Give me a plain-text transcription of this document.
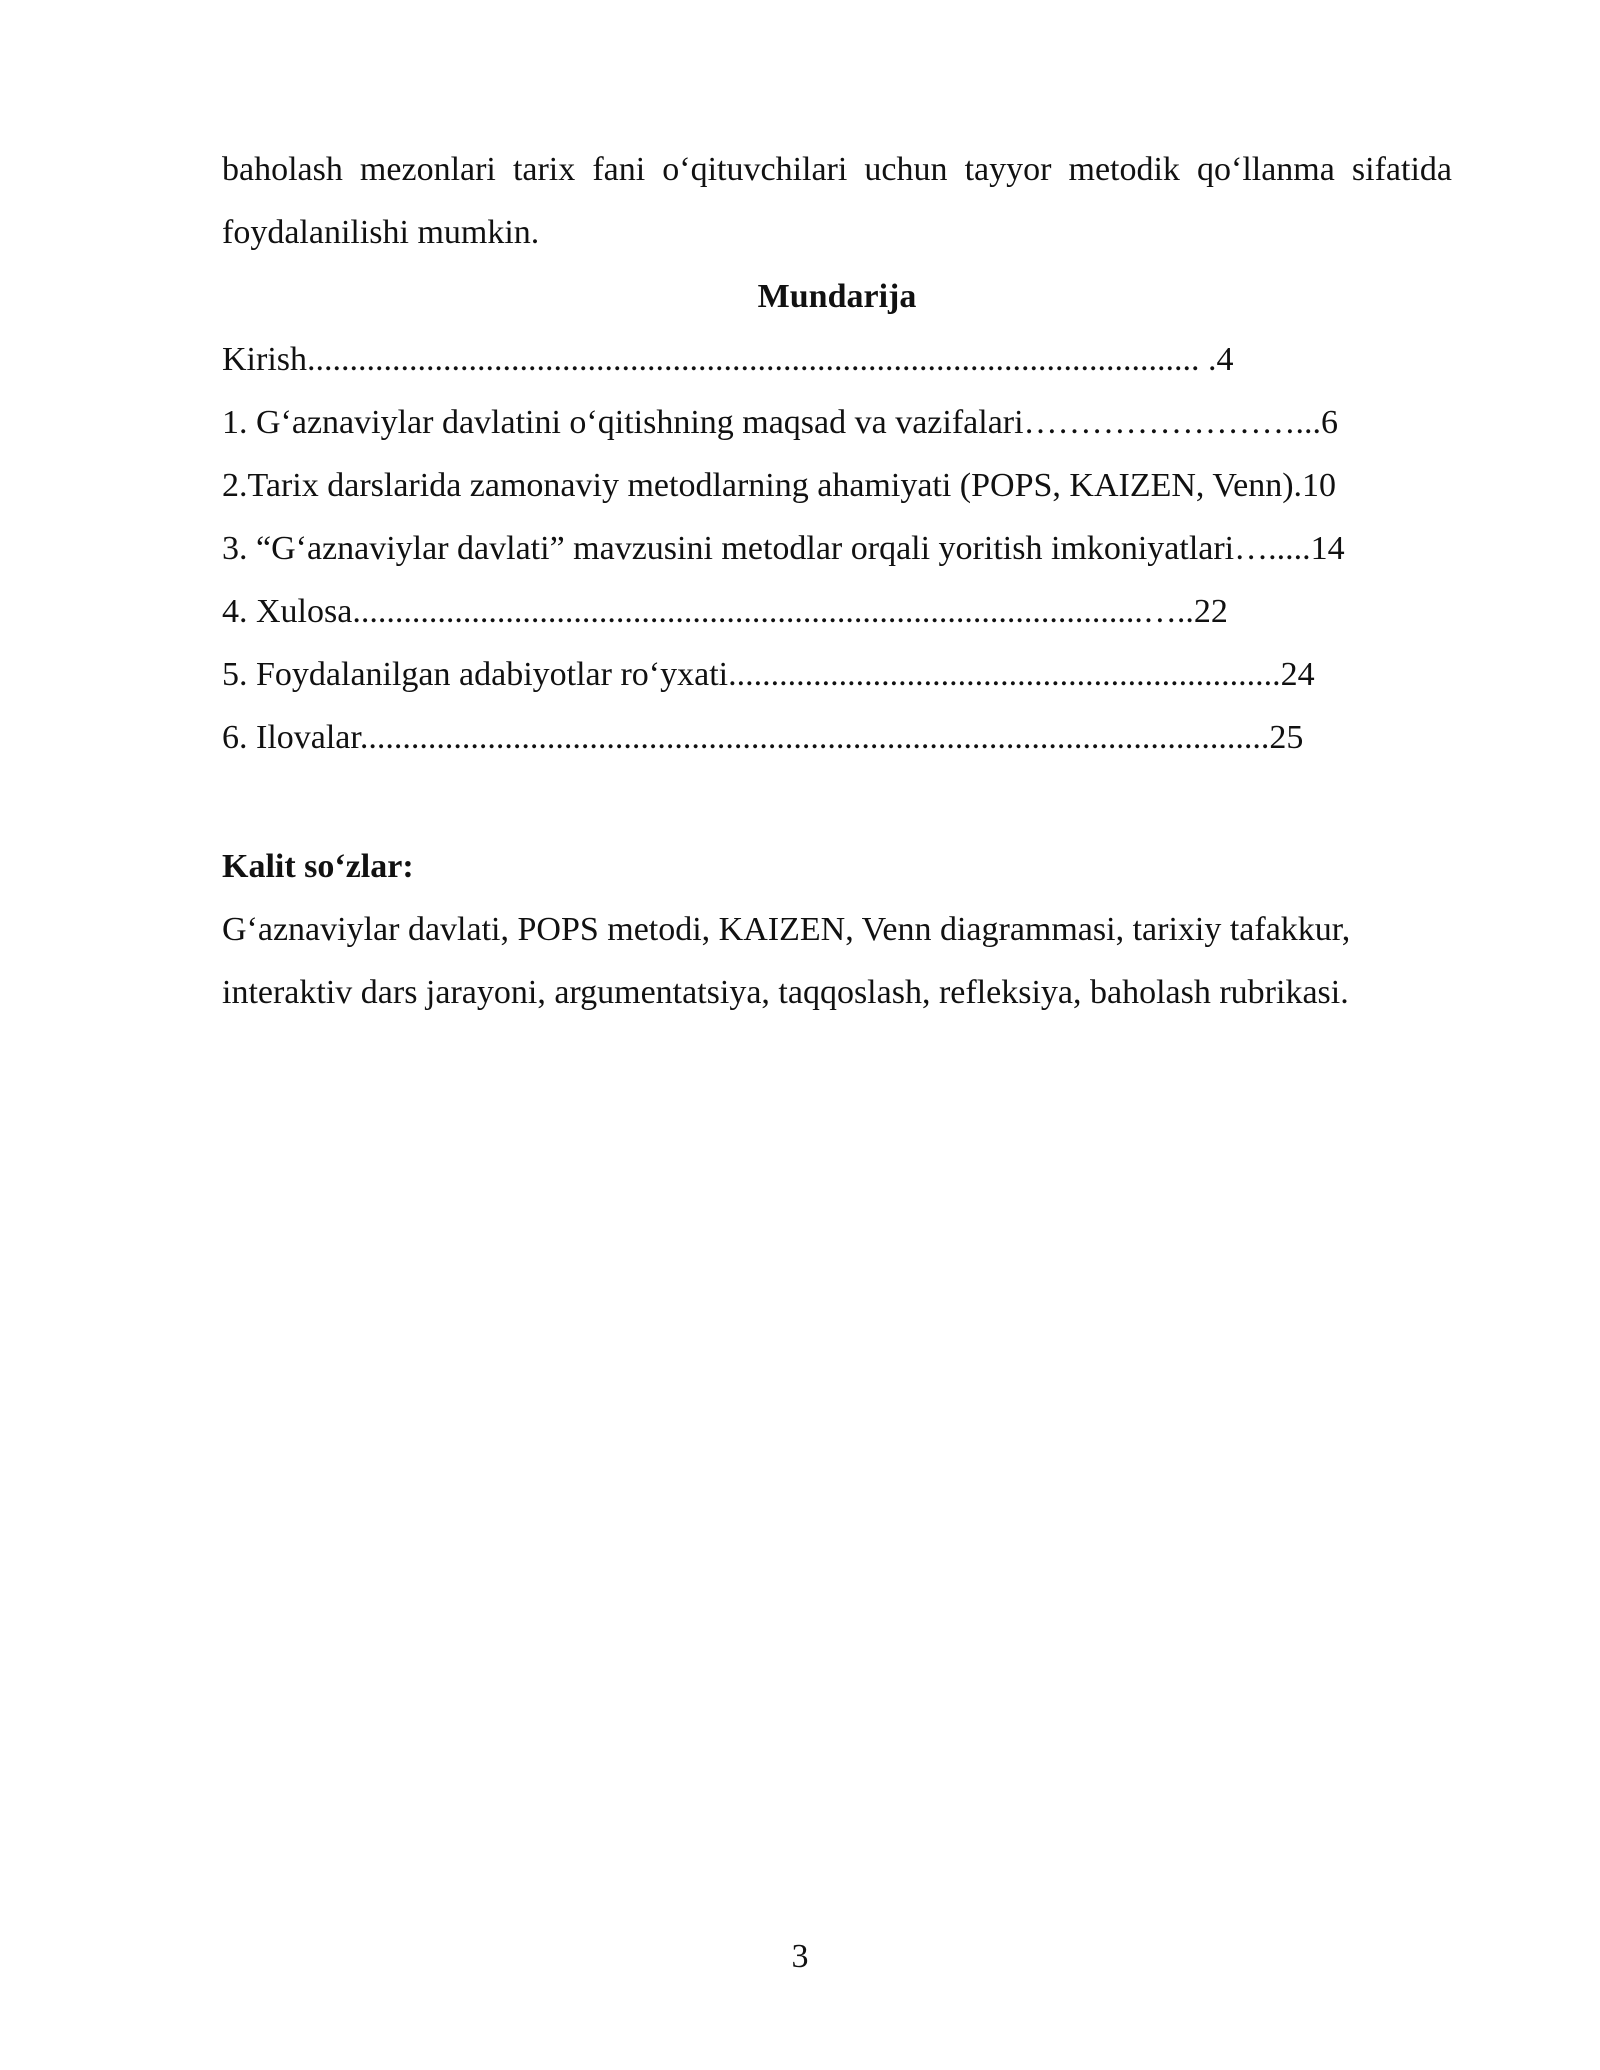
baholash mezonlari tarix fani o‘qituvchilari uchun tayyor metodik qo‘llanma sifatida foydalanilishi mumkin.

Mundarija
Kirish......................................................................................................... .4
1. G‘aznaviylar davlatini o‘qitishning maqsad va vazifalari……………………...6
2.Tarix darslarida zamonaviy metodlarning ahamiyati (POPS, KAIZEN, Venn).10
3. “G‘aznaviylar davlati” mavzusini metodlar orqali yoritish imkoniyatlari….....14
4. Xulosa.............................................................................................…..22
5. Foydalanilgan adabiyotlar ro‘yxati.................................................................24
6. Ilovalar...........................................................................................................25
Kalit so‘zlar:

G‘aznaviylar davlati, POPS metodi, KAIZEN, Venn diagrammasi, tarixiy tafakkur, interaktiv dars jarayoni, argumentatsiya, taqqoslash, refleksiya, baholash rubrikasi.

3
